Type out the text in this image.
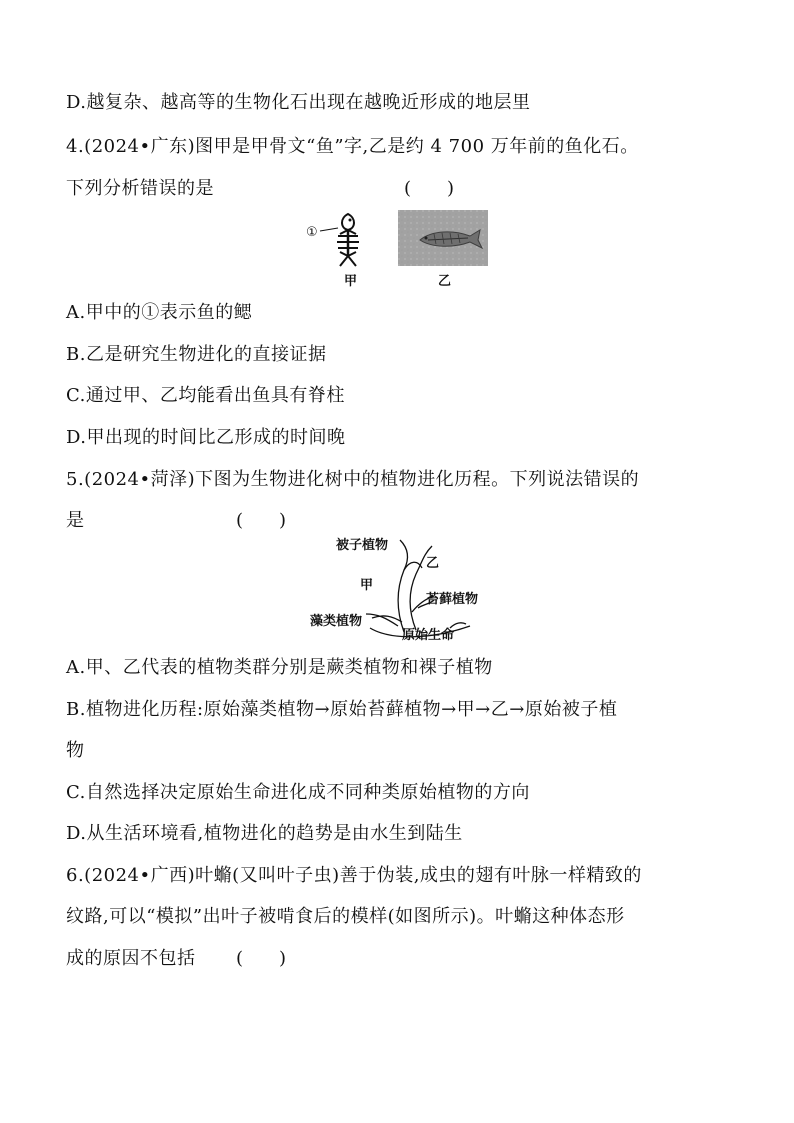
D.越复杂、越高等的生物化石出现在越晚近形成的地层里
4.(2024•广东)图甲是甲骨文“鱼”字,乙是约 4 700 万年前的鱼化石。
下列分析错误的是	(　　)
①
甲	乙
A.甲中的①表示鱼的鳃
B.乙是研究生物进化的直接证据
C.通过甲、乙均能看出鱼具有脊柱
D.甲出现的时间比乙形成的时间晚
5.(2024•菏泽)下图为生物进化树中的植物进化历程。下列说法错误的
是	(　　)
被子植物
乙
甲
苔藓植物
藻类植物
原始生命
A.甲、乙代表的植物类群分别是蕨类植物和裸子植物
B.植物进化历程:原始藻类植物→原始苔藓植物→甲→乙→原始被子植
物
C.自然选择决定原始生命进化成不同种类原始植物的方向
D.从生活环境看,植物进化的趋势是由水生到陆生
6.(2024•广西)叶䗛(又叫叶子虫)善于伪装,成虫的翅有叶脉一样精致的
纹路,可以“模拟”出叶子被啃食后的模样(如图所示)。叶䗛这种体态形
成的原因不包括 (　　)
